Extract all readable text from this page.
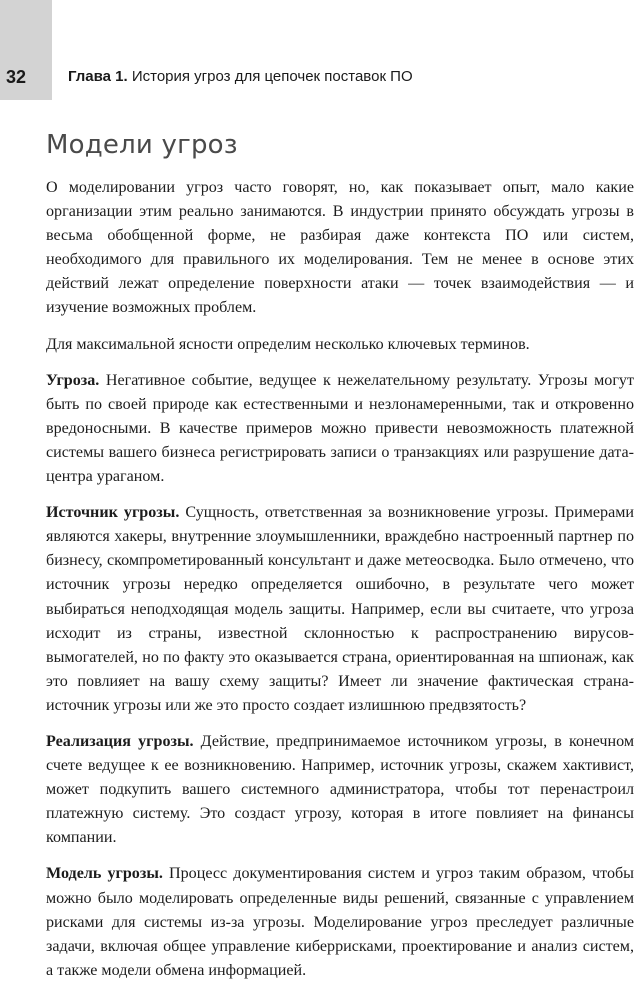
32	Глава 1. История угроз для цепочек поставок ПО
Модели угроз

О моделировании угроз часто говорят, но, как показывает опыт, мало какие организации этим реально занимаются. В индустрии принято обсуждать угрозы в весьма обобщенной форме, не разбирая даже контекста ПО или систем, необходимого для правильного их моделирования. Тем не менее в основе этих действий лежат определение поверхности атаки — точек взаимодействия — и изучение возможных проблем.

Для максимальной ясности определим несколько ключевых терминов.

Угроза. Негативное событие, ведущее к нежелательному результату. Угрозы могут быть по своей природе как естественными и незлонамеренными, так и откровенно вредоносными. В качестве примеров можно привести невозможность платежной системы вашего бизнеса регистрировать записи о транзакциях или разрушение дата-центра ураганом.

Источник угрозы. Сущность, ответственная за возникновение угрозы. Примерами являются хакеры, внутренние злоумышленники, враждебно настроенный партнер по бизнесу, скомпрометированный консультант и даже метеосводка. Было отмечено, что источник угрозы нередко определяется ошибочно, в результате чего может выбираться неподходящая модель защиты. Например, если вы считаете, что угроза исходит из страны, известной склонностью к распространению вирусов-вымогателей, но по факту это оказывается страна, ориентированная на шпионаж, как это повлияет на вашу схему защиты? Имеет ли значение фактическая страна-источник угрозы или же это просто создает излишнюю предвзятость?

Реализация угрозы. Действие, предпринимаемое источником угрозы, в конечном счете ведущее к ее возникновению. Например, источник угрозы, скажем хактивист, может подкупить вашего системного администратора, чтобы тот перенастроил платежную систему. Это создаст угрозу, которая в итоге повлияет на финансы компании.

Модель угрозы. Процесс документирования систем и угроз таким образом, чтобы можно было моделировать определенные виды решений, связанные с управлением рисками для системы из-за угрозы. Моделирование угроз преследует различные задачи, включая общее управление киберрисками, проектирование и анализ систем, а также модели обмена информацией.
